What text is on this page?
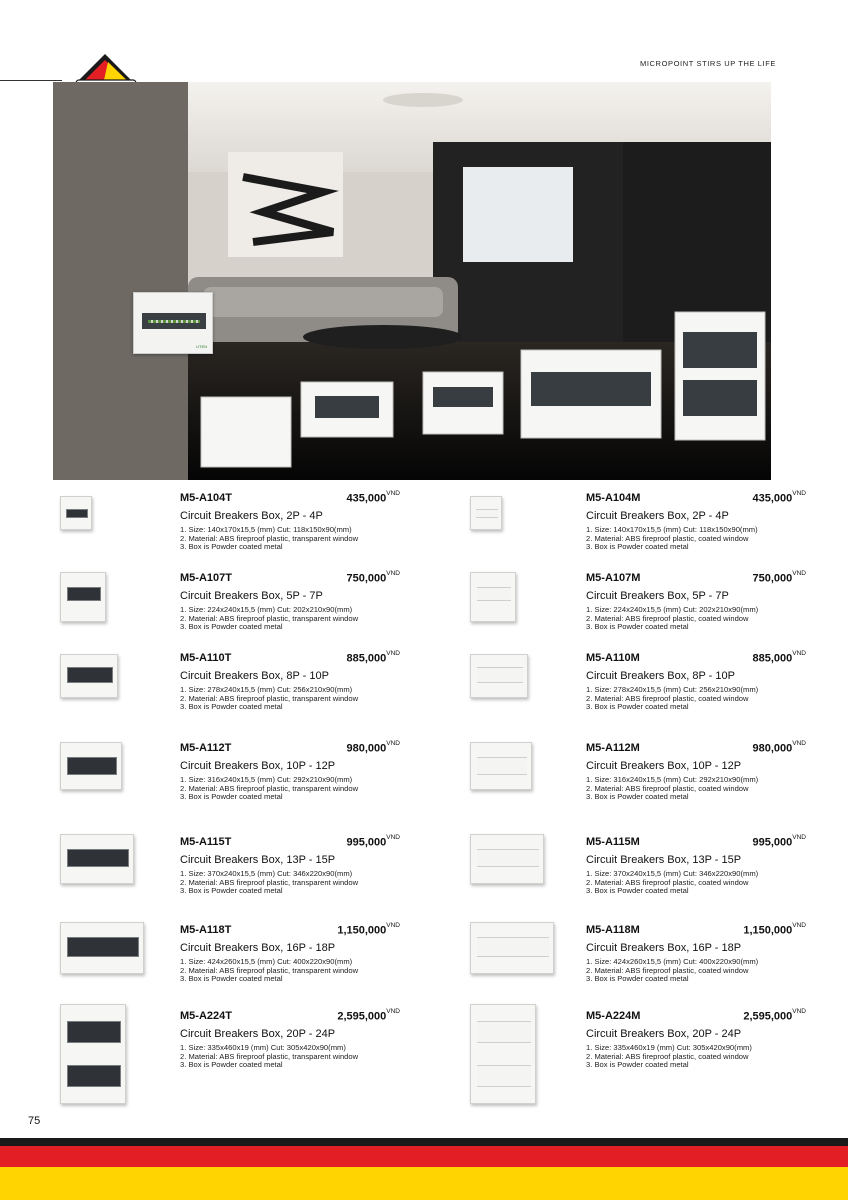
MICROPOINT STIRS UP THE LIFE
UTEN
M5-A104T	$435,000^{VND}$
Circuit Breakers Box, 2P - 4P
1. Size: 140x170x15,5 (mm) Cut: 118x150x90(mm)
2. Material: ABS fireproof plastic, transparent window
3. Box is Powder coated metal
M5-A107T	$750,000^{VND}$
Circuit Breakers Box, 5P - 7P
1. Size: 224x240x15,5 (mm) Cut: 202x210x90(mm)
2. Material: ABS fireproof plastic, transparent window
3. Box is Powder coated metal
M5-A110T	$885,000^{VND}$
Circuit Breakers Box, 8P - 10P
1. Size: 278x240x15,5 (mm) Cut: 256x210x90(mm)
2. Material: ABS fireproof plastic, transparent window
3. Box is Powder coated metal
M5-A112T	$980,000^{VND}$
Circuit Breakers Box, 10P - 12P
1. Size: 316x240x15,5 (mm) Cut: 292x210x90(mm)
2. Material: ABS fireproof plastic, transparent window
3. Box is Powder coated metal
M5-A115T	$995,000^{VND}$
Circuit Breakers Box, 13P - 15P
1. Size: 370x240x15,5 (mm) Cut: 346x220x90(mm)
2. Material: ABS fireproof plastic, transparent window
3. Box is Powder coated metal
M5-A118T	$1,150,000^{VND}$
Circuit Breakers Box, 16P - 18P
1. Size: 424x260x15,5 (mm) Cut: 400x220x90(mm)
2. Material: ABS fireproof plastic, transparent window
3. Box is Powder coated metal
M5-A224T	$2,595,000^{VND}$
Circuit Breakers Box, 20P - 24P
1. Size: 335x460x19 (mm) Cut: 305x420x90(mm)
2. Material: ABS fireproof plastic, transparent window
3. Box is Powder coated metal
M5-A104M	$435,000^{VND}$
Circuit Breakers Box, 2P - 4P
1. Size: 140x170x15,5 (mm) Cut: 118x150x90(mm)
2. Material: ABS fireproof plastic, coated window
3. Box is Powder coated metal
M5-A107M	$750,000^{VND}$
Circuit Breakers Box, 5P - 7P
1. Size: 224x240x15,5 (mm) Cut: 202x210x90(mm)
2. Material: ABS fireproof plastic, coated window
3. Box is Powder coated metal
M5-A110M	$885,000^{VND}$
Circuit Breakers Box, 8P - 10P
1. Size: 278x240x15,5 (mm) Cut: 256x210x90(mm)
2. Material: ABS fireproof plastic, coated window
3. Box is Powder coated metal
M5-A112M	$980,000^{VND}$
Circuit Breakers Box, 10P - 12P
1. Size: 316x240x15,5 (mm) Cut: 292x210x90(mm)
2. Material: ABS fireproof plastic, coated window
3. Box is Powder coated metal
M5-A115M	$995,000^{VND}$
Circuit Breakers Box, 13P - 15P
1. Size: 370x240x15,5 (mm) Cut: 346x220x90(mm)
2. Material: ABS fireproof plastic, coated window
3. Box is Powder coated metal
M5-A118M	$1,150,000^{VND}$
Circuit Breakers Box, 16P - 18P
1. Size: 424x260x15,5 (mm) Cut: 400x220x90(mm)
2. Material: ABS fireproof plastic, coated window
3. Box is Powder coated metal
M5-A224M	$2,595,000^{VND}$
Circuit Breakers Box, 20P - 24P
1. Size: 335x460x19 (mm) Cut: 305x420x90(mm)
2. Material: ABS fireproof plastic, coated window
3. Box is Powder coated metal
75
